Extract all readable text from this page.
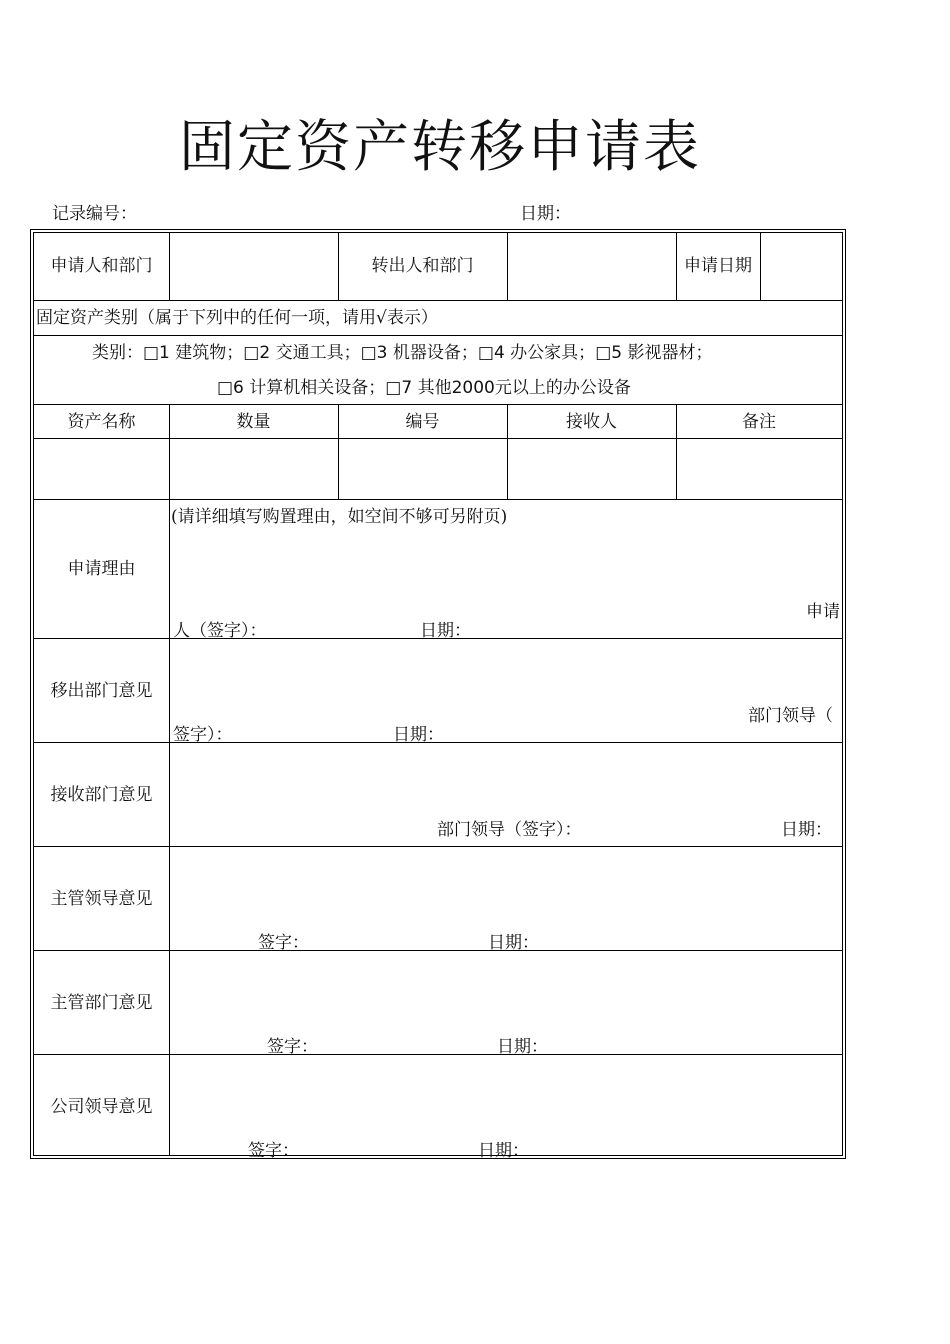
固定资产转移申请表
记录编号：	日期：
申请人和部门	转出人和部门	申请日期
固定资产类别（属于下列中的任何一项，请用√表示）
类别：□1 建筑物；□2 交通工具；□3 机器设备；□4 办公家具；□5 影视器材；
□6 计算机相关设备；□7 其他2000元以上的办公设备
资产名称	数量	编号	接收人	备注
申请理由
(请详细填写购置理由，如空间不够可另附页)
申请
人（签字）：	日期：
移出部门意见
部门领导（
签字）：	日期：
接收部门意见
部门领导（签字）：	日期：
主管领导意见
签字：	日期：
主管部门意见
签字：	日期：
公司领导意见
签字：	日期：
